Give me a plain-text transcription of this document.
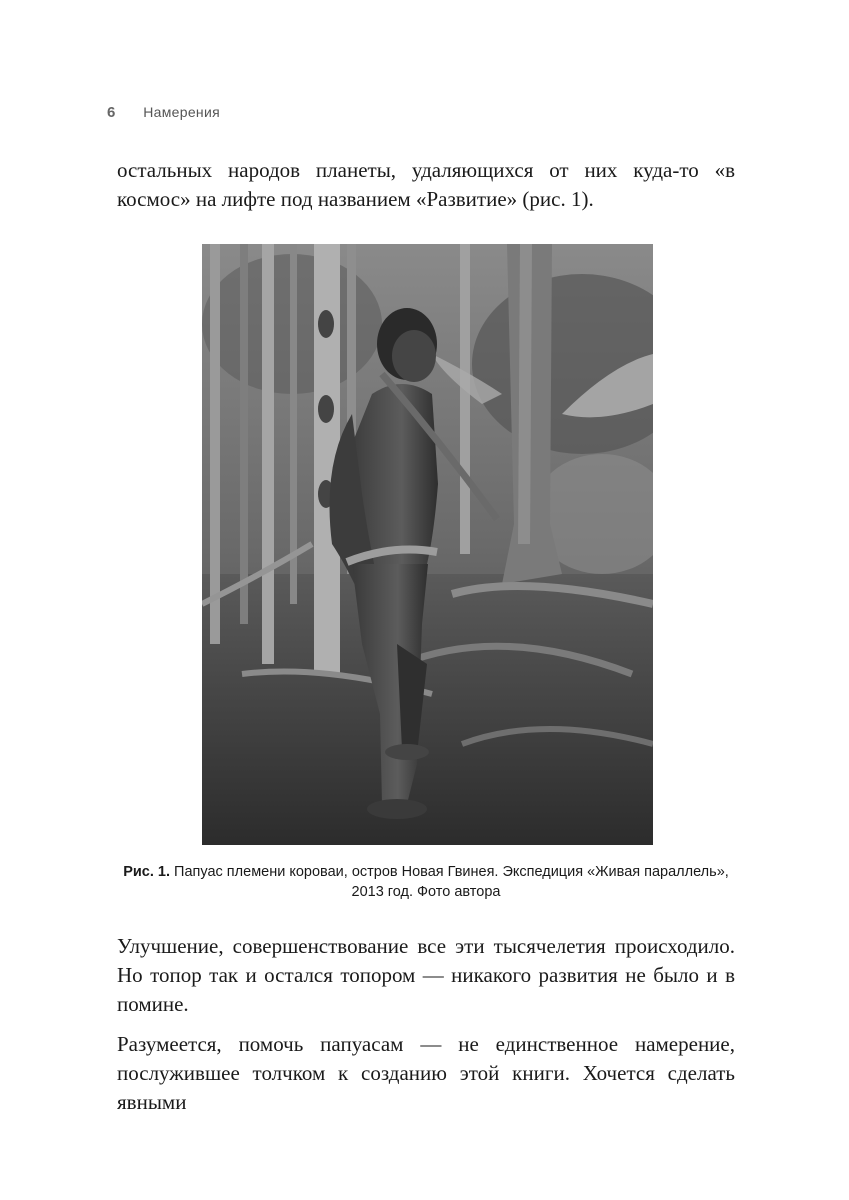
6 Намерения

остальных народов планеты, удаляющихся от них куда-то «в космос» на лифте под названием «Развитие» (рис. 1).

Рис. 1. Папуас племени короваи, остров Новая Гвинея. Экспедиция «Живая параллель», 2013 год. Фото автора

Улучшение, совершенствование все эти тысячелетия происходило. Но топор так и остался топором — никакого развития не было и в помине.

Разумеется, помочь папуасам — не единственное намерение, послужившее толчком к созданию этой книги. Хочется сделать явными
